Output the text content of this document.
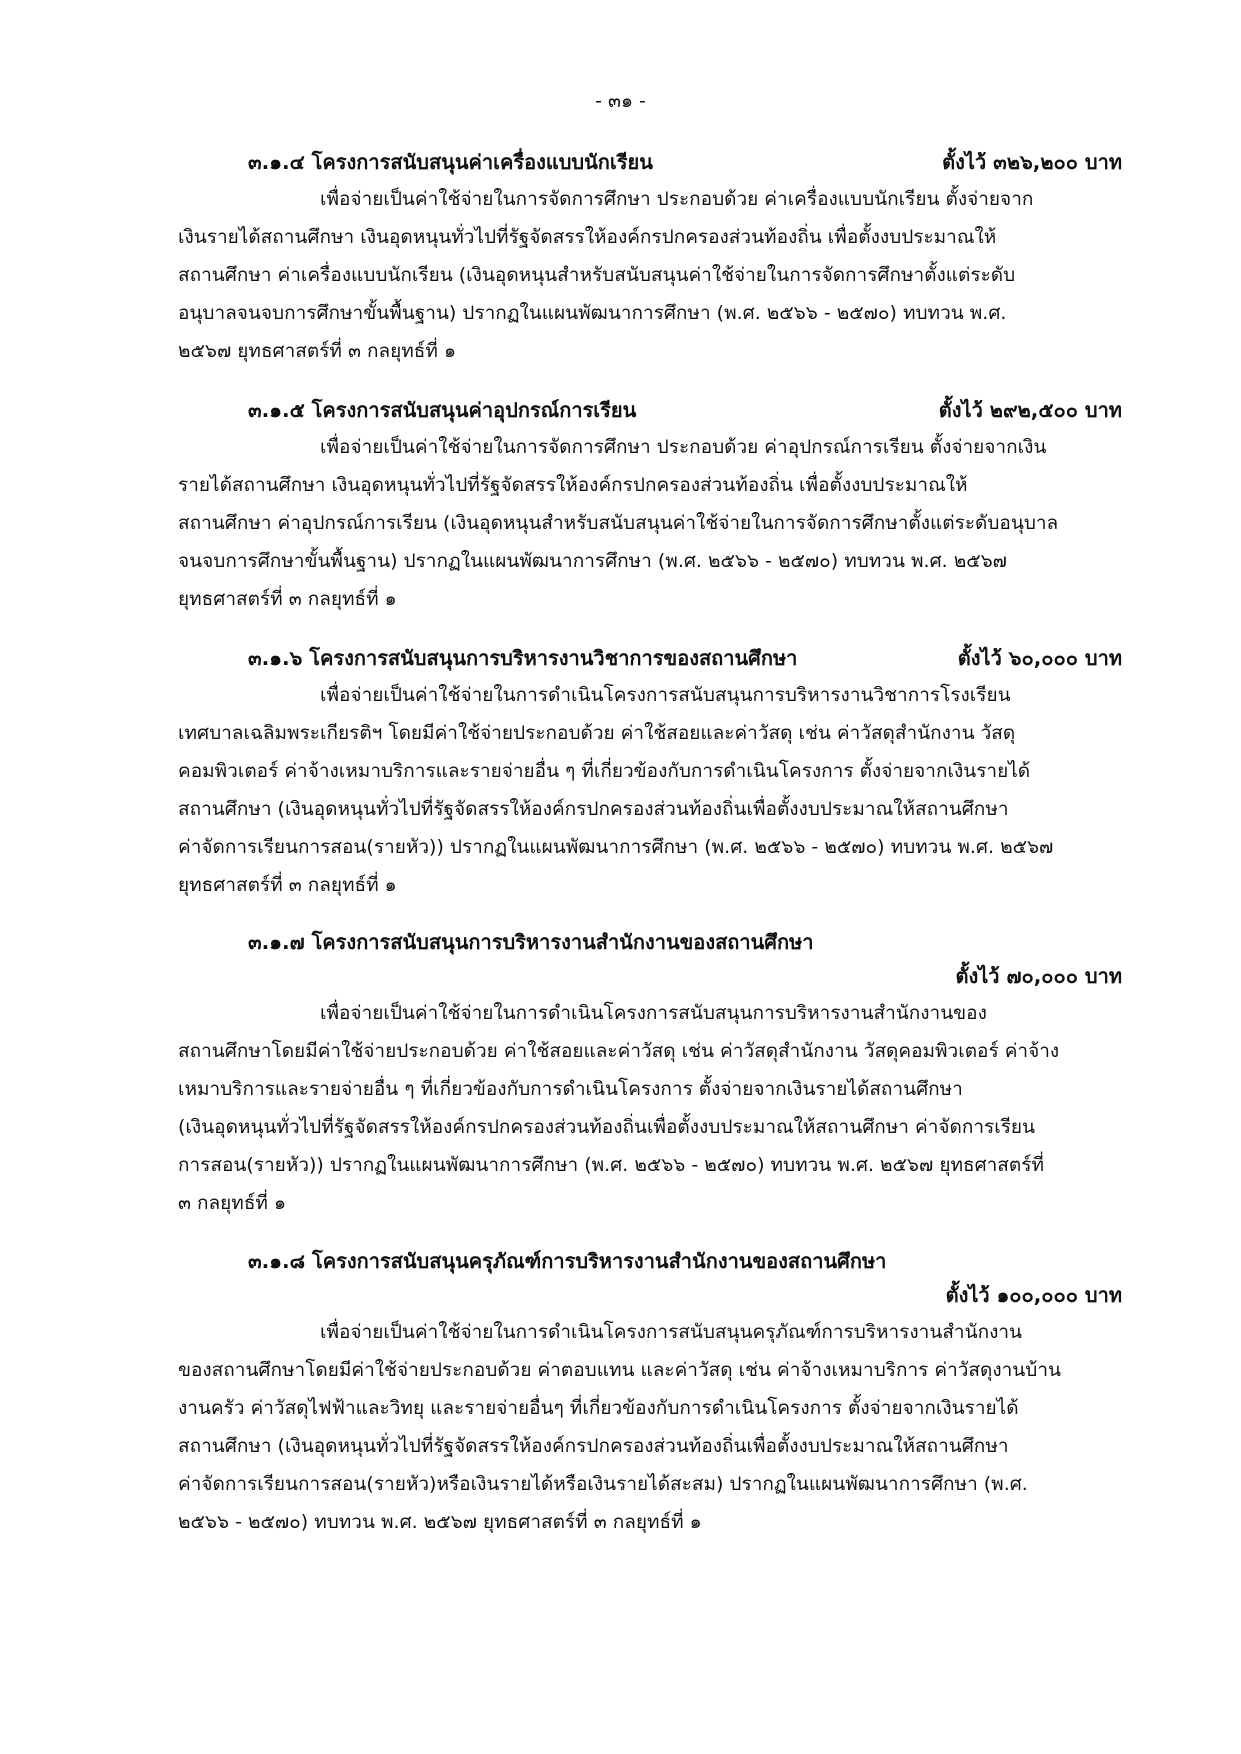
- ๓๑ -
๓.๑.๔ โครงการสนับสนุนค่าเครื่องแบบนักเรียน	ตั้งไว้ ๓๒๖,๒๐๐ บาท
เพื่อจ่ายเป็นค่าใช้จ่ายในการจัดการศึกษา ประกอบด้วย ค่าเครื่องแบบนักเรียน ตั้งจ่ายจาก
เงินรายได้สถานศึกษา เงินอุดหนุนทั่วไปที่รัฐจัดสรรให้องค์กรปกครองส่วนท้องถิ่น เพื่อตั้งงบประมาณให้
สถานศึกษา ค่าเครื่องแบบนักเรียน (เงินอุดหนุนสำหรับสนับสนุนค่าใช้จ่ายในการจัดการศึกษาตั้งแต่ระดับ
อนุบาลจนจบการศึกษาขั้นพื้นฐาน) ปรากฏในแผนพัฒนาการศึกษา (พ.ศ. ๒๕๖๖ - ๒๕๗๐) ทบทวน พ.ศ.
๒๕๖๗ ยุทธศาสตร์ที่ ๓ กลยุทธ์ที่ ๑
๓.๑.๕ โครงการสนับสนุนค่าอุปกรณ์การเรียน	ตั้งไว้ ๒๙๒,๕๐๐ บาท
เพื่อจ่ายเป็นค่าใช้จ่ายในการจัดการศึกษา ประกอบด้วย ค่าอุปกรณ์การเรียน ตั้งจ่ายจากเงิน
รายได้สถานศึกษา เงินอุดหนุนทั่วไปที่รัฐจัดสรรให้องค์กรปกครองส่วนท้องถิ่น เพื่อตั้งงบประมาณให้
สถานศึกษา ค่าอุปกรณ์การเรียน (เงินอุดหนุนสำหรับสนับสนุนค่าใช้จ่ายในการจัดการศึกษาตั้งแต่ระดับอนุบาล
จนจบการศึกษาขั้นพื้นฐาน) ปรากฏในแผนพัฒนาการศึกษา (พ.ศ. ๒๕๖๖ - ๒๕๗๐) ทบทวน พ.ศ. ๒๕๖๗
ยุทธศาสตร์ที่ ๓ กลยุทธ์ที่ ๑
๓.๑.๖ โครงการสนับสนุนการบริหารงานวิชาการของสถานศึกษา	ตั้งไว้ ๖๐,๐๐๐ บาท
เพื่อจ่ายเป็นค่าใช้จ่ายในการดำเนินโครงการสนับสนุนการบริหารงานวิชาการโรงเรียน
เทศบาลเฉลิมพระเกียรติฯ โดยมีค่าใช้จ่ายประกอบด้วย ค่าใช้สอยและค่าวัสดุ เช่น ค่าวัสดุสำนักงาน วัสดุ
คอมพิวเตอร์ ค่าจ้างเหมาบริการและรายจ่ายอื่น ๆ ที่เกี่ยวข้องกับการดำเนินโครงการ ตั้งจ่ายจากเงินรายได้
สถานศึกษา (เงินอุดหนุนทั่วไปที่รัฐจัดสรรให้องค์กรปกครองส่วนท้องถิ่นเพื่อตั้งงบประมาณให้สถานศึกษา
ค่าจัดการเรียนการสอน(รายหัว)) ปรากฏในแผนพัฒนาการศึกษา (พ.ศ. ๒๕๖๖ - ๒๕๗๐) ทบทวน พ.ศ. ๒๕๖๗
ยุทธศาสตร์ที่ ๓ กลยุทธ์ที่ ๑
๓.๑.๗ โครงการสนับสนุนการบริหารงานสำนักงานของสถานศึกษา
ตั้งไว้ ๗๐,๐๐๐ บาท
เพื่อจ่ายเป็นค่าใช้จ่ายในการดำเนินโครงการสนับสนุนการบริหารงานสำนักงานของ
สถานศึกษาโดยมีค่าใช้จ่ายประกอบด้วย ค่าใช้สอยและค่าวัสดุ เช่น ค่าวัสดุสำนักงาน วัสดุคอมพิวเตอร์ ค่าจ้าง
เหมาบริการและรายจ่ายอื่น ๆ ที่เกี่ยวข้องกับการดำเนินโครงการ ตั้งจ่ายจากเงินรายได้สถานศึกษา
(เงินอุดหนุนทั่วไปที่รัฐจัดสรรให้องค์กรปกครองส่วนท้องถิ่นเพื่อตั้งงบประมาณให้สถานศึกษา ค่าจัดการเรียน
การสอน(รายหัว)) ปรากฏในแผนพัฒนาการศึกษา (พ.ศ. ๒๕๖๖ - ๒๕๗๐) ทบทวน พ.ศ. ๒๕๖๗ ยุทธศาสตร์ที่
๓ กลยุทธ์ที่ ๑
๓.๑.๘ โครงการสนับสนุนครุภัณฑ์การบริหารงานสำนักงานของสถานศึกษา
ตั้งไว้ ๑๐๐,๐๐๐ บาท
เพื่อจ่ายเป็นค่าใช้จ่ายในการดำเนินโครงการสนับสนุนครุภัณฑ์การบริหารงานสำนักงาน
ของสถานศึกษาโดยมีค่าใช้จ่ายประกอบด้วย ค่าตอบแทน และค่าวัสดุ เช่น ค่าจ้างเหมาบริการ ค่าวัสดุงานบ้าน
งานครัว ค่าวัสดุไฟฟ้าและวิทยุ และรายจ่ายอื่นๆ ที่เกี่ยวข้องกับการดำเนินโครงการ ตั้งจ่ายจากเงินรายได้
สถานศึกษา (เงินอุดหนุนทั่วไปที่รัฐจัดสรรให้องค์กรปกครองส่วนท้องถิ่นเพื่อตั้งงบประมาณให้สถานศึกษา
ค่าจัดการเรียนการสอน(รายหัว)หรือเงินรายได้หรือเงินรายได้สะสม) ปรากฏในแผนพัฒนาการศึกษา (พ.ศ.
๒๕๖๖ - ๒๕๗๐) ทบทวน พ.ศ. ๒๕๖๗ ยุทธศาสตร์ที่ ๓ กลยุทธ์ที่ ๑
